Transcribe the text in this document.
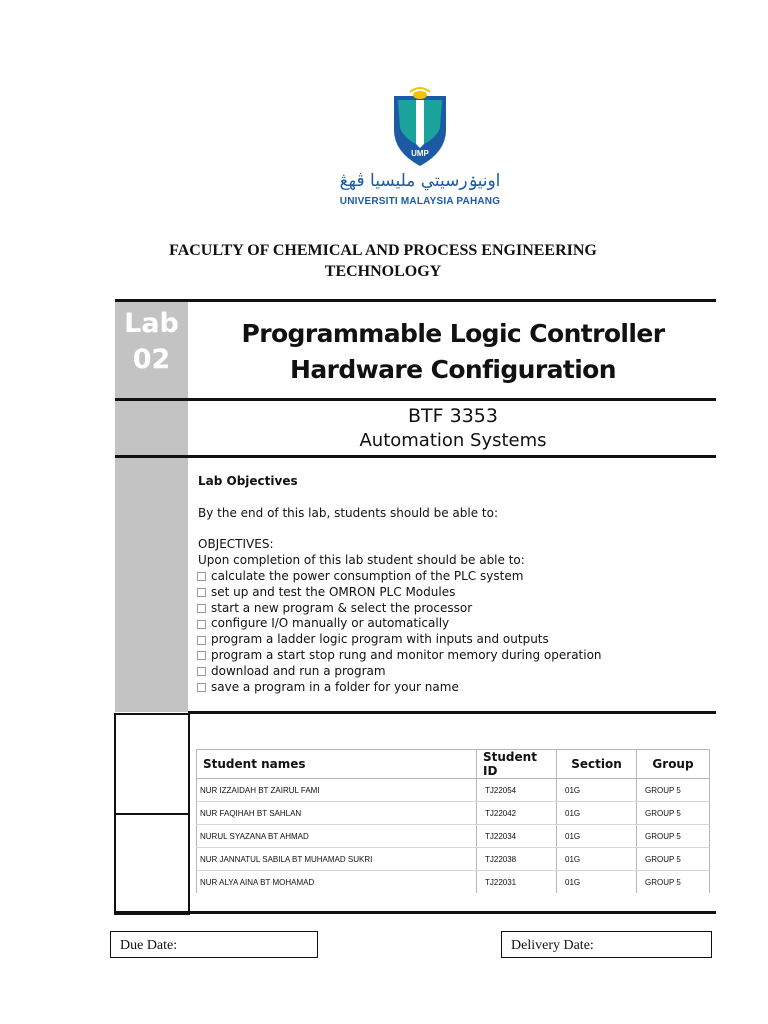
UMP
اونيۏرسيتي مليسيا ڤهڠ
UNIVERSITI MALAYSIA PAHANG
FACULTY OF CHEMICAL AND PROCESS ENGINEERING
TECHNOLOGY
Lab
02
Programmable Logic Controller
Hardware Configuration
BTF 3353
Automation Systems
Lab Objectives
By the end of this lab, students should be able to:
OBJECTIVES:
Upon completion of this lab student should be able to:
calculate the power consumption of the PLC system
set up and test the OMRON PLC Modules
start a new program & select the processor
configure I/O manually or automatically
program a ladder logic program with inputs and outputs
program a start stop rung and monitor memory during operation
download and run a program
save a program in a folder for your name
Student names	Student ID	Section	Group
NUR IZZAIDAH BT ZAIRUL FAMI	TJ22054	01G	GROUP 5
NUR FAQIHAH BT SAHLAN	TJ22042	01G	GROUP 5
NURUL SYAZANA BT AHMAD	TJ22034	01G	GROUP 5
NUR JANNATUL SABILA BT MUHAMAD SUKRI	TJ22038	01G	GROUP 5
NUR ALYA AINA BT MOHAMAD	TJ22031	01G	GROUP 5
Due Date:	Delivery Date:
